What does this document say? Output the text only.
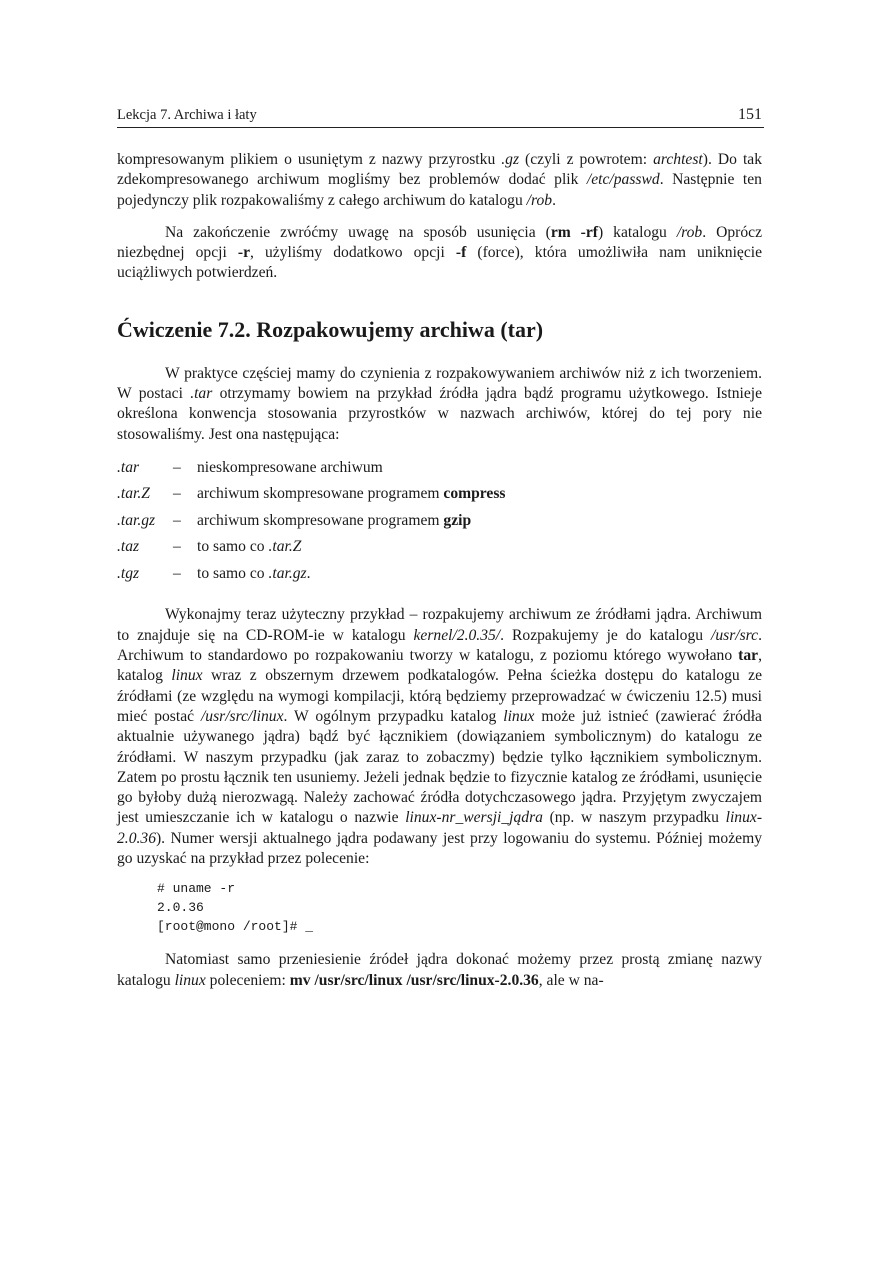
Lekcja 7. Archiwa i łaty	151

kompresowanym plikiem o usuniętym z nazwy przyrostku .gz (czyli z powrotem: archtest). Do tak zdekompresowanego archiwum mogliśmy bez problemów dodać plik /etc/passwd. Następnie ten pojedynczy plik rozpakowaliśmy z całego archiwum do katalogu /rob.

Na zakończenie zwróćmy uwagę na sposób usunięcia (rm -rf) katalogu /rob. Oprócz niezbędnej opcji -r, użyliśmy dodatkowo opcji -f (force), która umożliwiła nam uniknięcie uciążliwych potwierdzeń.

Ćwiczenie 7.2. Rozpakowujemy archiwa (tar)

W praktyce częściej mamy do czynienia z rozpakowywaniem archiwów niż z ich tworzeniem. W postaci .tar otrzymamy bowiem na przykład źródła jądra bądź programu użytkowego. Istnieje określona konwencja stosowania przyrostków w nazwach archiwów, której do tej pory nie stosowaliśmy. Jest ona następująca:

.tar	– nieskompresowane archiwum
.tar.Z	– archiwum skompresowane programem compress
.tar.gz	– archiwum skompresowane programem gzip
.taz	– to samo co .tar.Z
.tgz	– to samo co .tar.gz.

Wykonajmy teraz użyteczny przykład – rozpakujemy archiwum ze źródłami jądra. Archiwum to znajduje się na CD-ROM-ie w katalogu kernel/2.0.35/. Rozpakujemy je do katalogu /usr/src. Archiwum to standardowo po rozpakowaniu tworzy w katalogu, z poziomu którego wywołano tar, katalog linux wraz z obszernym drzewem podkatalogów. Pełna ścieżka dostępu do katalogu ze źródłami (ze względu na wymogi kompilacji, którą będziemy przeprowadzać w ćwiczeniu 12.5) musi mieć postać /usr/src/linux. W ogólnym przypadku katalog linux może już istnieć (zawierać źródła aktualnie używanego jądra) bądź być łącznikiem (dowiązaniem symbolicznym) do katalogu ze źródłami. W naszym przypadku (jak zaraz to zobaczmy) będzie tylko łącznikiem symbolicznym. Zatem po prostu łącznik ten usuniemy. Jeżeli jednak będzie to fizycznie katalog ze źródłami, usunięcie go byłoby dużą nierozwagą. Należy zachować źródła dotychczasowego jądra. Przyjętym zwyczajem jest umieszczanie ich w katalogu o nazwie linux-nr_wersji_jądra (np. w naszym przypadku linux-2.0.36). Numer wersji aktualnego jądra podawany jest przy logowaniu do systemu. Później możemy go uzyskać na przykład przez polecenie:

# uname -r
2.0.36
[root@mono /root]# _

Natomiast samo przeniesienie źródeł jądra dokonać możemy przez prostą zmianę nazwy katalogu linux poleceniem: mv /usr/src/linux /usr/src/linux-2.0.36, ale w na-
